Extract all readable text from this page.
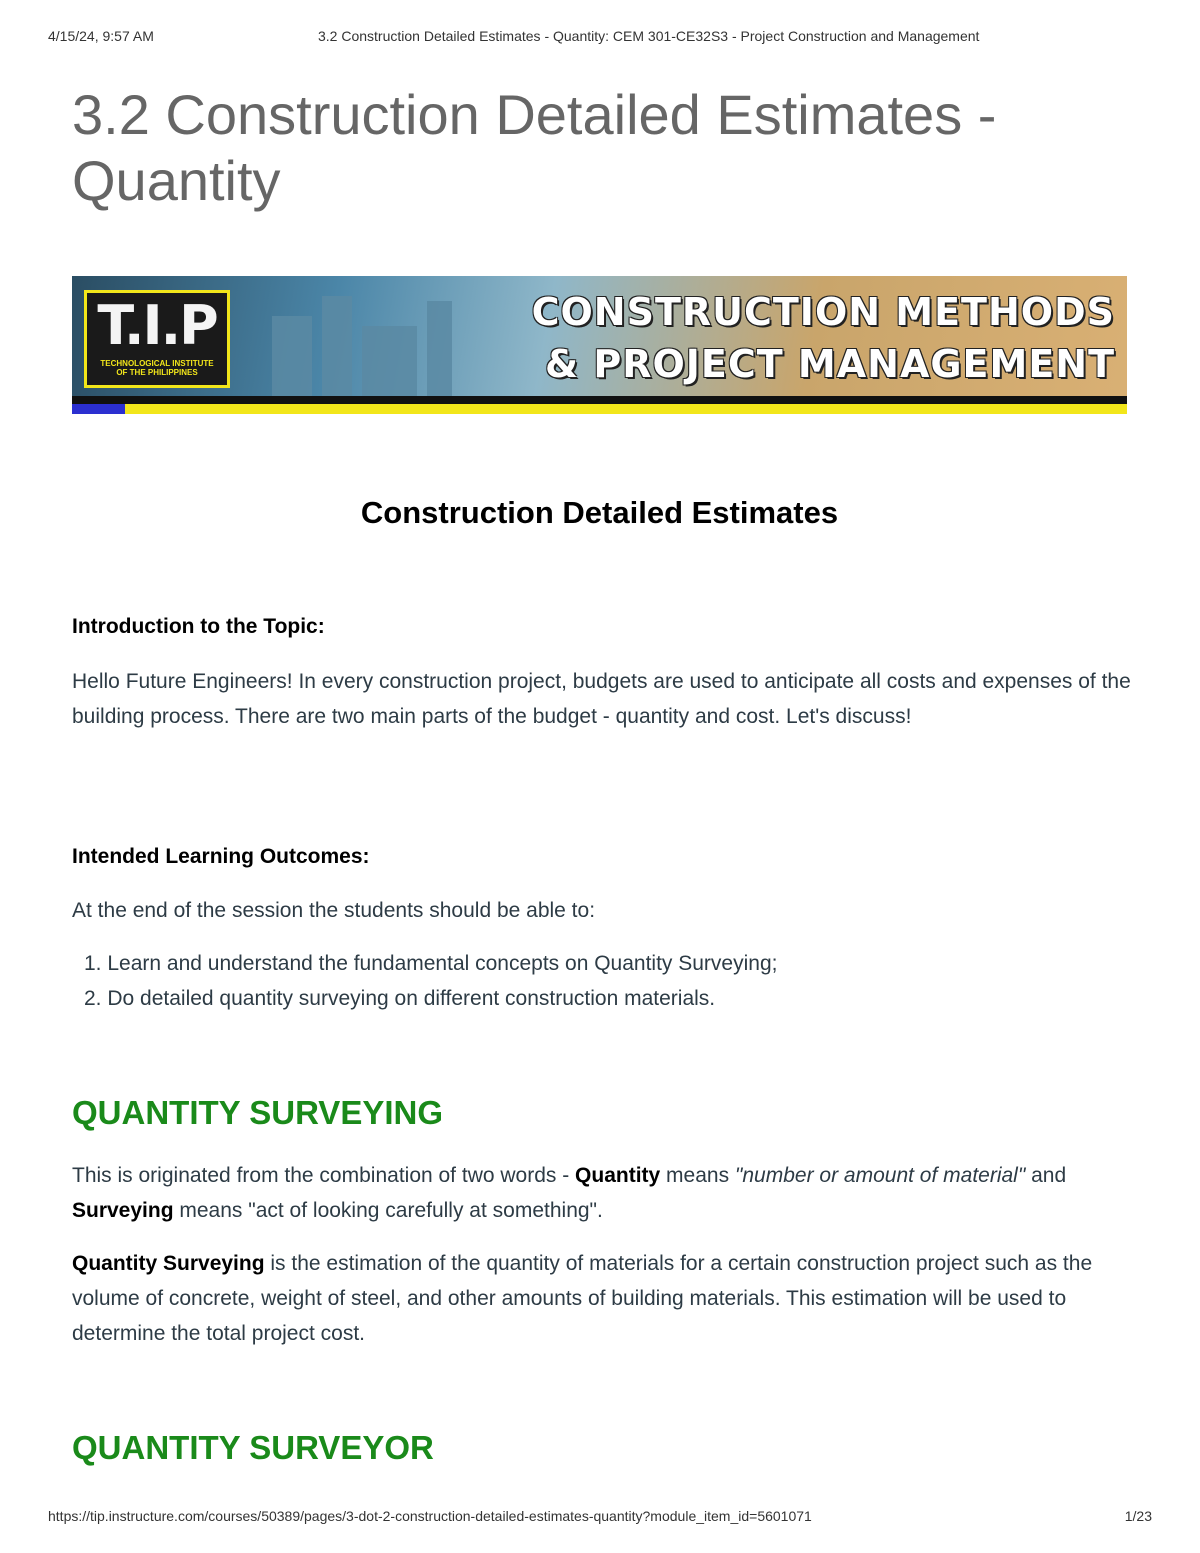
4/15/24, 9:57 AM	3.2 Construction Detailed Estimates - Quantity: CEM 301-CE32S3 - Project Construction and Management
3.2 Construction Detailed Estimates - Quantity
T.I.P
TECHNOLOGICAL INSTITUTE
OF THE PHILIPPINES
CONSTRUCTION METHODS
& PROJECT MANAGEMENT
Construction Detailed Estimates

Introduction to the Topic:

Hello Future Engineers! In every construction project, budgets are used to anticipate all costs and expenses of the building process. There are two main parts of the budget - quantity and cost. Let's discuss!

Intended Learning Outcomes:

At the end of the session the students should be able to:

1. Learn and understand the fundamental concepts on Quantity Surveying;
2. Do detailed quantity surveying on different construction materials.
QUANTITY SURVEYING

This is originated from the combination of two words - Quantity means "number or amount of material" and Surveying means "act of looking carefully at something".

Quantity Surveying is the estimation of the quantity of materials for a certain construction project such as the volume of concrete, weight of steel, and other amounts of building materials. This estimation will be used to determine the total project cost.

QUANTITY SURVEYOR
https://tip.instructure.com/courses/50389/pages/3-dot-2-construction-detailed-estimates-quantity?module_item_id=5601071	1/23
